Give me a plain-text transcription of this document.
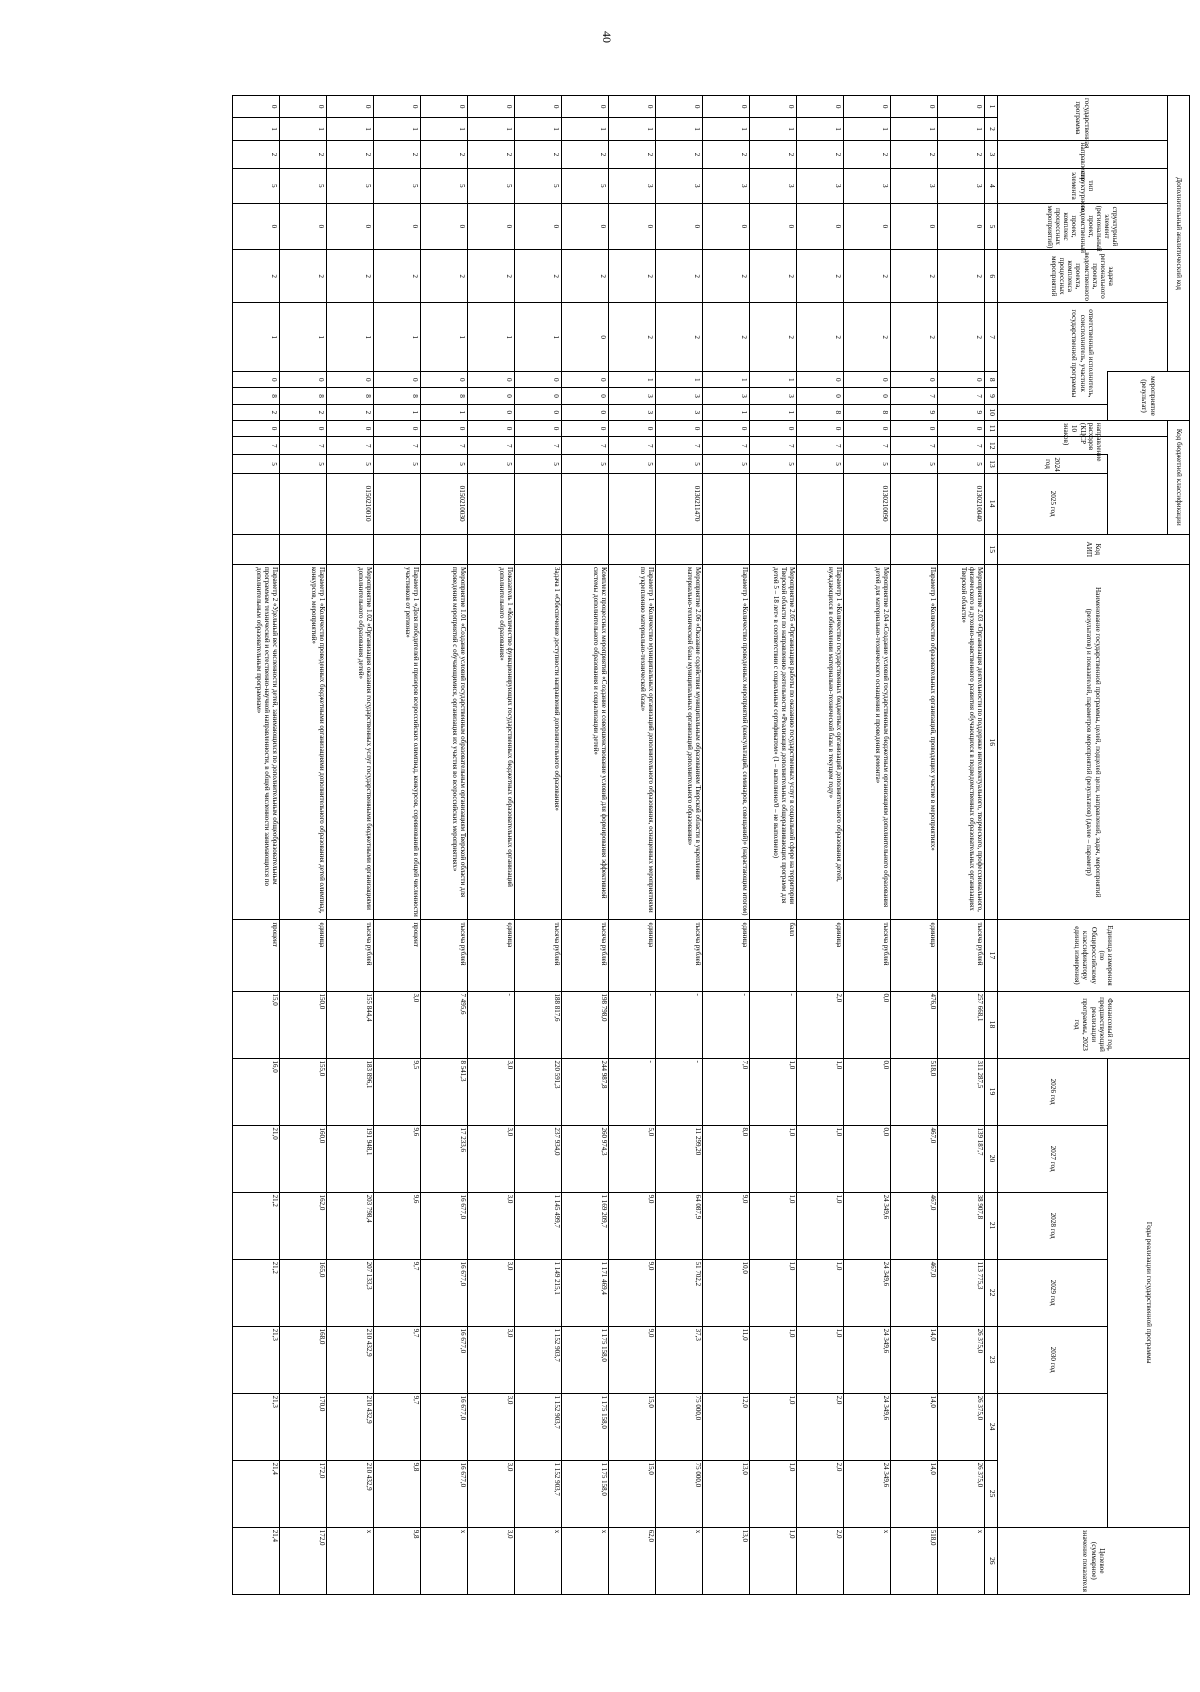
40
Дополнительный аналитический код							мероприятие (результат)			Код бюджетной классификации				Код АИП	Наименование государственной программы, целей, подцелей цели, направлений, задач, мероприятий (результатов) и показателей, параметров мероприятий (результатов) (далее – параметр)	Единица измерения (по Общероссийскому классификатору единиц измерения)	Финансовый год, предшествующий реализации программы, 2023 год	Годы реализации государственной программы							Целевое (суммарное) значение показателя
государственная программа		направление	тип структурного элемента	структурный элемент (региональный проект, ведомственный проект, комплекс процессных мероприятий)	задача регионального проекта, ведомственного проекта, комплекса процессных мероприятий	ответственный исполнитель, соисполнитель, участник государственной программы				направление расходов (КЦСР 10 знаков)															
												2024 год	2025 год					2026 год	2027 год	2028 год	2029 год	2030 год			
1	2	3	4	5	6	7	8	9	10	11	12	13	14	15	16	17	18	19	20	21	22	23	24	25	26
0	1	2	3	0	2	2	0	7	9	0	7	5	0130210040		Мероприятие 2.03 «Организация деятельности по поддержке интеллектуального, творческого, профессионального, физического и духовно-нравственного развития обучающихся в подведомственных образовательных организациях Тверской области»	тысяча рублей	257 668,1	311 287,5	139 187,7	38 907,8	113 775,3	26 375,0	26 375,0	26 375,0	х
0	1	2	3	0	2	2	0	7	9	0	7	5			Параметр 1 «Количество образовательных организаций, проводящих участие в мероприятиях»	единица	476,0	518,0	467,0	467,0	467,0	14,0	14,0	14,0	518,0
0	1	2	3	0	2	2	0	0	8	0	7	5	0130210090		Мероприятие 2.04 «Создание условий государственным бюджетным организациям дополнительного образования детей для материально-технического оснащения и проведения ремонта»	тысяча рублей	0,0	0,0	0,0	24 349,6	24 349,6	24 349,6	24 349,6	24 349,6	х
0	1	2	3	0	2	2	0	0	8	0	7	5			Параметр 1 «Количество государственных бюджетных организаций дополнительного образования детей, нуждающихся в обновлении материально-технической базы в текущем году»	единица	2,0	1,0	1,0	1,0	1,0	1,0	2,0	2,0	2,0
0	1	2	3	0	2	2	1	3	1	0	7	5			Мероприятие 2.05 «Организация работы по оказанию государственных услуг в социальной сфере на территории Тверской области по направлению деятельности «Реализация дополнительных общеразвивающих программ для детей 5 – 18 лет» в соответствии с социальным сертификатом» (1 – выполнено/0 – не выполнено)	балл	-	1,0	1,0	1,0	1,0	1,0	1,0	1,0	1,0
0	1	2	3	0	2	2	1	3	1	0	7	5			Параметр 1 «Количество проведенных мероприятий (консультаций, семинаров, совещаний)» (нарастающим итогом)	единица	-	7,0	8,0	9,0	10,0	11,0	12,0	13,0	13,0
0	1	2	3	0	2	2	1	3	3	0	7	5	0130211470		Мероприятие 2.06 «Оказание содействия муниципальным образованиям Тверской области в укреплении материально-технической базы муниципальных организаций дополнительного образования»	тысяча рублей	-	-	11 299,20	64 087,9	51 702,2	37,3	75 000,0	75 000,0	х
0	1	2	3	0	2	2	1	3	3	0	7	5			Параметр 1 «Количество муниципальных организаций дополнительного образования, оснащенных мероприятиями по укреплению материально-технической базы»	единица	-	-	5,0	9,0	9,0	9,0	15,0	15,0	62,0
0	1	2	5	0	2	0	0	0	0	0	7	5			Комплекс процессных мероприятий «Создание и совершенствование условий для формирования эффективной системы дополнительного образования и социализации детей»	тысяча рублей	198 798,0	244 987,8	260 974,3	1 169 209,7	1 171 469,4	1 175 158,0	1 175 158,0	1 175 158,0	х
0	1	2	5	0	2	1	0	0	0	0	7	5			Задача 1 «Обеспечение доступности направлений дополнительного образования»	тысяча рублей	188 817,6	220 591,3	237 934,0	1 145 499,7	1 149 215,1	1 152 903,7	1 152 903,7	1 152 903,7	х
0	1	2	5	0	2	1	0	0	0	0	7	5			Показатель 1 «Количество функционирующих государственных бюджетных образовательных организаций дополнительного образования»	единица	-	3,0	3,0	3,0	3,0	3,0	3,0	3,0	3,0
0	1	2	5	0	2	1	0	8	1	0	7	5	0150210030		Мероприятие 1.01 «Создание условий государственным образовательным организациям Тверской области для проведения мероприятий с обучающимися, организация их участия во всероссийских мероприятиях»	тысяча рублей	7 495,6	8 541,3	17 233,6	16 677,0	16 677,0	16 677,0	16 677,0	16 677,0	х
0	1	2	5	0	2	1	0	8	1	0	7	5			Параметр 1 «Доля победителей и призеров всероссийских олимпиад, конкурсов, соревнований в общей численности участников от региона»	процент	3,0	9,5	9,6	9,6	9,7	9,7	9,7	9,8	9,8
0	1	2	5	0	2	1	0	8	2	0	7	5	0150210010		Мероприятие 1.02 «Организация оказания государственных услуг государственными бюджетными организациями дополнительного образования детей»	тысяча рублей	155 844,4	183 896,1	191 948,1	203 798,4	207 133,3	210 432,9	210 432,9	210 432,9	х
0	1	2	5	0	2	1	0	8	2	0	7	5			Параметр 1 «Количество проведенных бюджетными организациями дополнительного образования детей олимпиад, конкурсов, мероприятий»	единица	150,0	155,0	160,0	162,0	165,0	168,0	170,0	172,0	172,0
0	1	2	5	0	2	1	0	8	2	0	7	5			Параметр 2 «Удельный вес численности детей, занимающихся по дополнительным общеобразовательным программам технической и естественно-научной направленности, в общей численности занимающихся по дополнительным образовательным программам»	процент	15,0	16,0	21,0	21,2	21,2	21,3	21,3	21,4	21,4
